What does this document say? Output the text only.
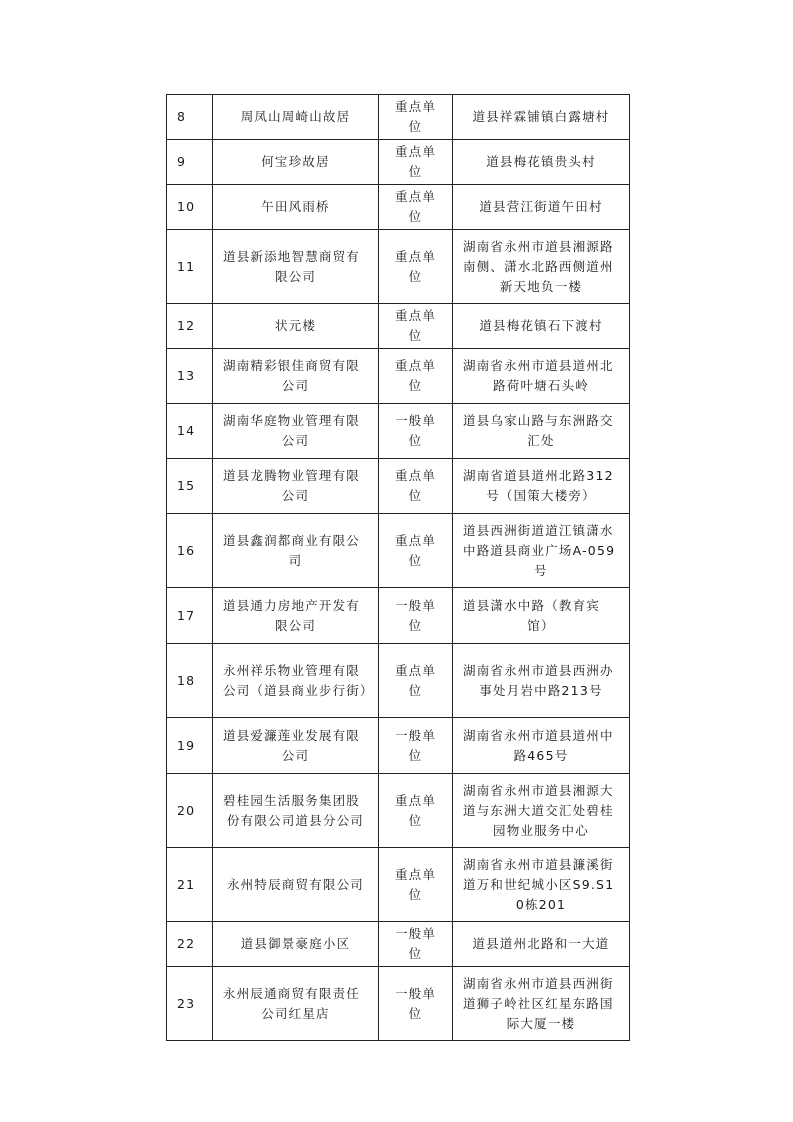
8	周凤山周崎山故居	重点单位	道县祥霖铺镇白露塘村
9	何宝珍故居	重点单位	道县梅花镇贵头村
10	午田风雨桥	重点单位	道县营江街道午田村
11	道县新添地智慧商贸有限公司	重点单位	湖南省永州市道县湘源路南侧、潇水北路西侧道州新天地负一楼
12	状元楼	重点单位	道县梅花镇石下渡村
13	湖南精彩银佳商贸有限公司	重点单位	湖南省永州市道县道州北路荷叶塘石头岭
14	湖南华庭物业管理有限公司	一般单位	道县乌家山路与东洲路交汇处
15	道县龙腾物业管理有限公司	重点单位	湖南省道县道州北路312号（国策大楼旁）
16	道县鑫润都商业有限公司	重点单位	道县西洲街道道江镇潇水中路道县商业广场A-059号
17	道县通力房地产开发有限公司	一般单位	道县潇水中路（教育宾馆）
18	永州祥乐物业管理有限公司（道县商业步行街）	重点单位	湖南省永州市道县西洲办事处月岩中路213号
19	道县爱濂莲业发展有限公司	一般单位	湖南省永州市道县道州中路465号
20	碧桂园生活服务集团股份有限公司道县分公司	重点单位	湖南省永州市道县湘源大道与东洲大道交汇处碧桂园物业服务中心
21	永州特辰商贸有限公司	重点单位	湖南省永州市道县濂溪街道万和世纪城小区S9.S10栋201
22	道县御景豪庭小区	一般单位	道县道州北路和一大道
23	永州辰通商贸有限责任公司红星店	一般单位	湖南省永州市道县西洲街道狮子岭社区红星东路国际大厦一楼
